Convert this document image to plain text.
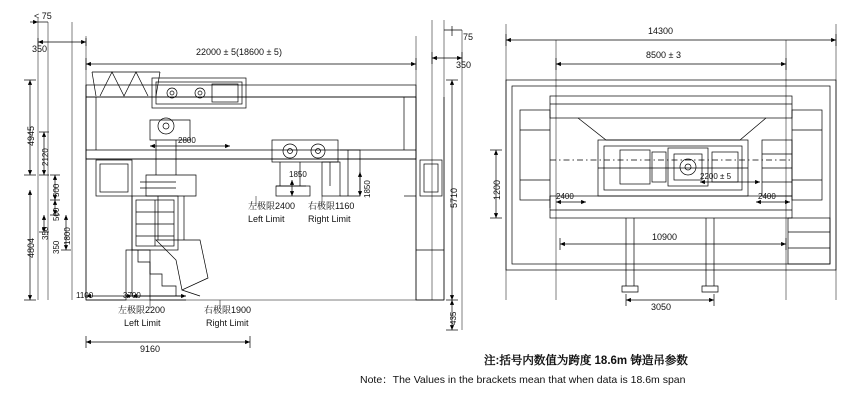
< 75
350	22000 ± 5(18600 ± 5)
75
350
4945
2120
500
500
350
350
4804
1800
5710
435
2800
1850
1850
1100	3700
9160
左极限2400
Left Limit
右极限1160
Right Limit
左极限2200
Left Limit
右极限1900
Right Limit
14300
8500 ± 3
1200
2200 ± 5
2400	2400
10900
3050
注:括号内数值为跨度 18.6m 铸造吊参数
Note：The Values in the brackets mean that when data is 18.6m span
